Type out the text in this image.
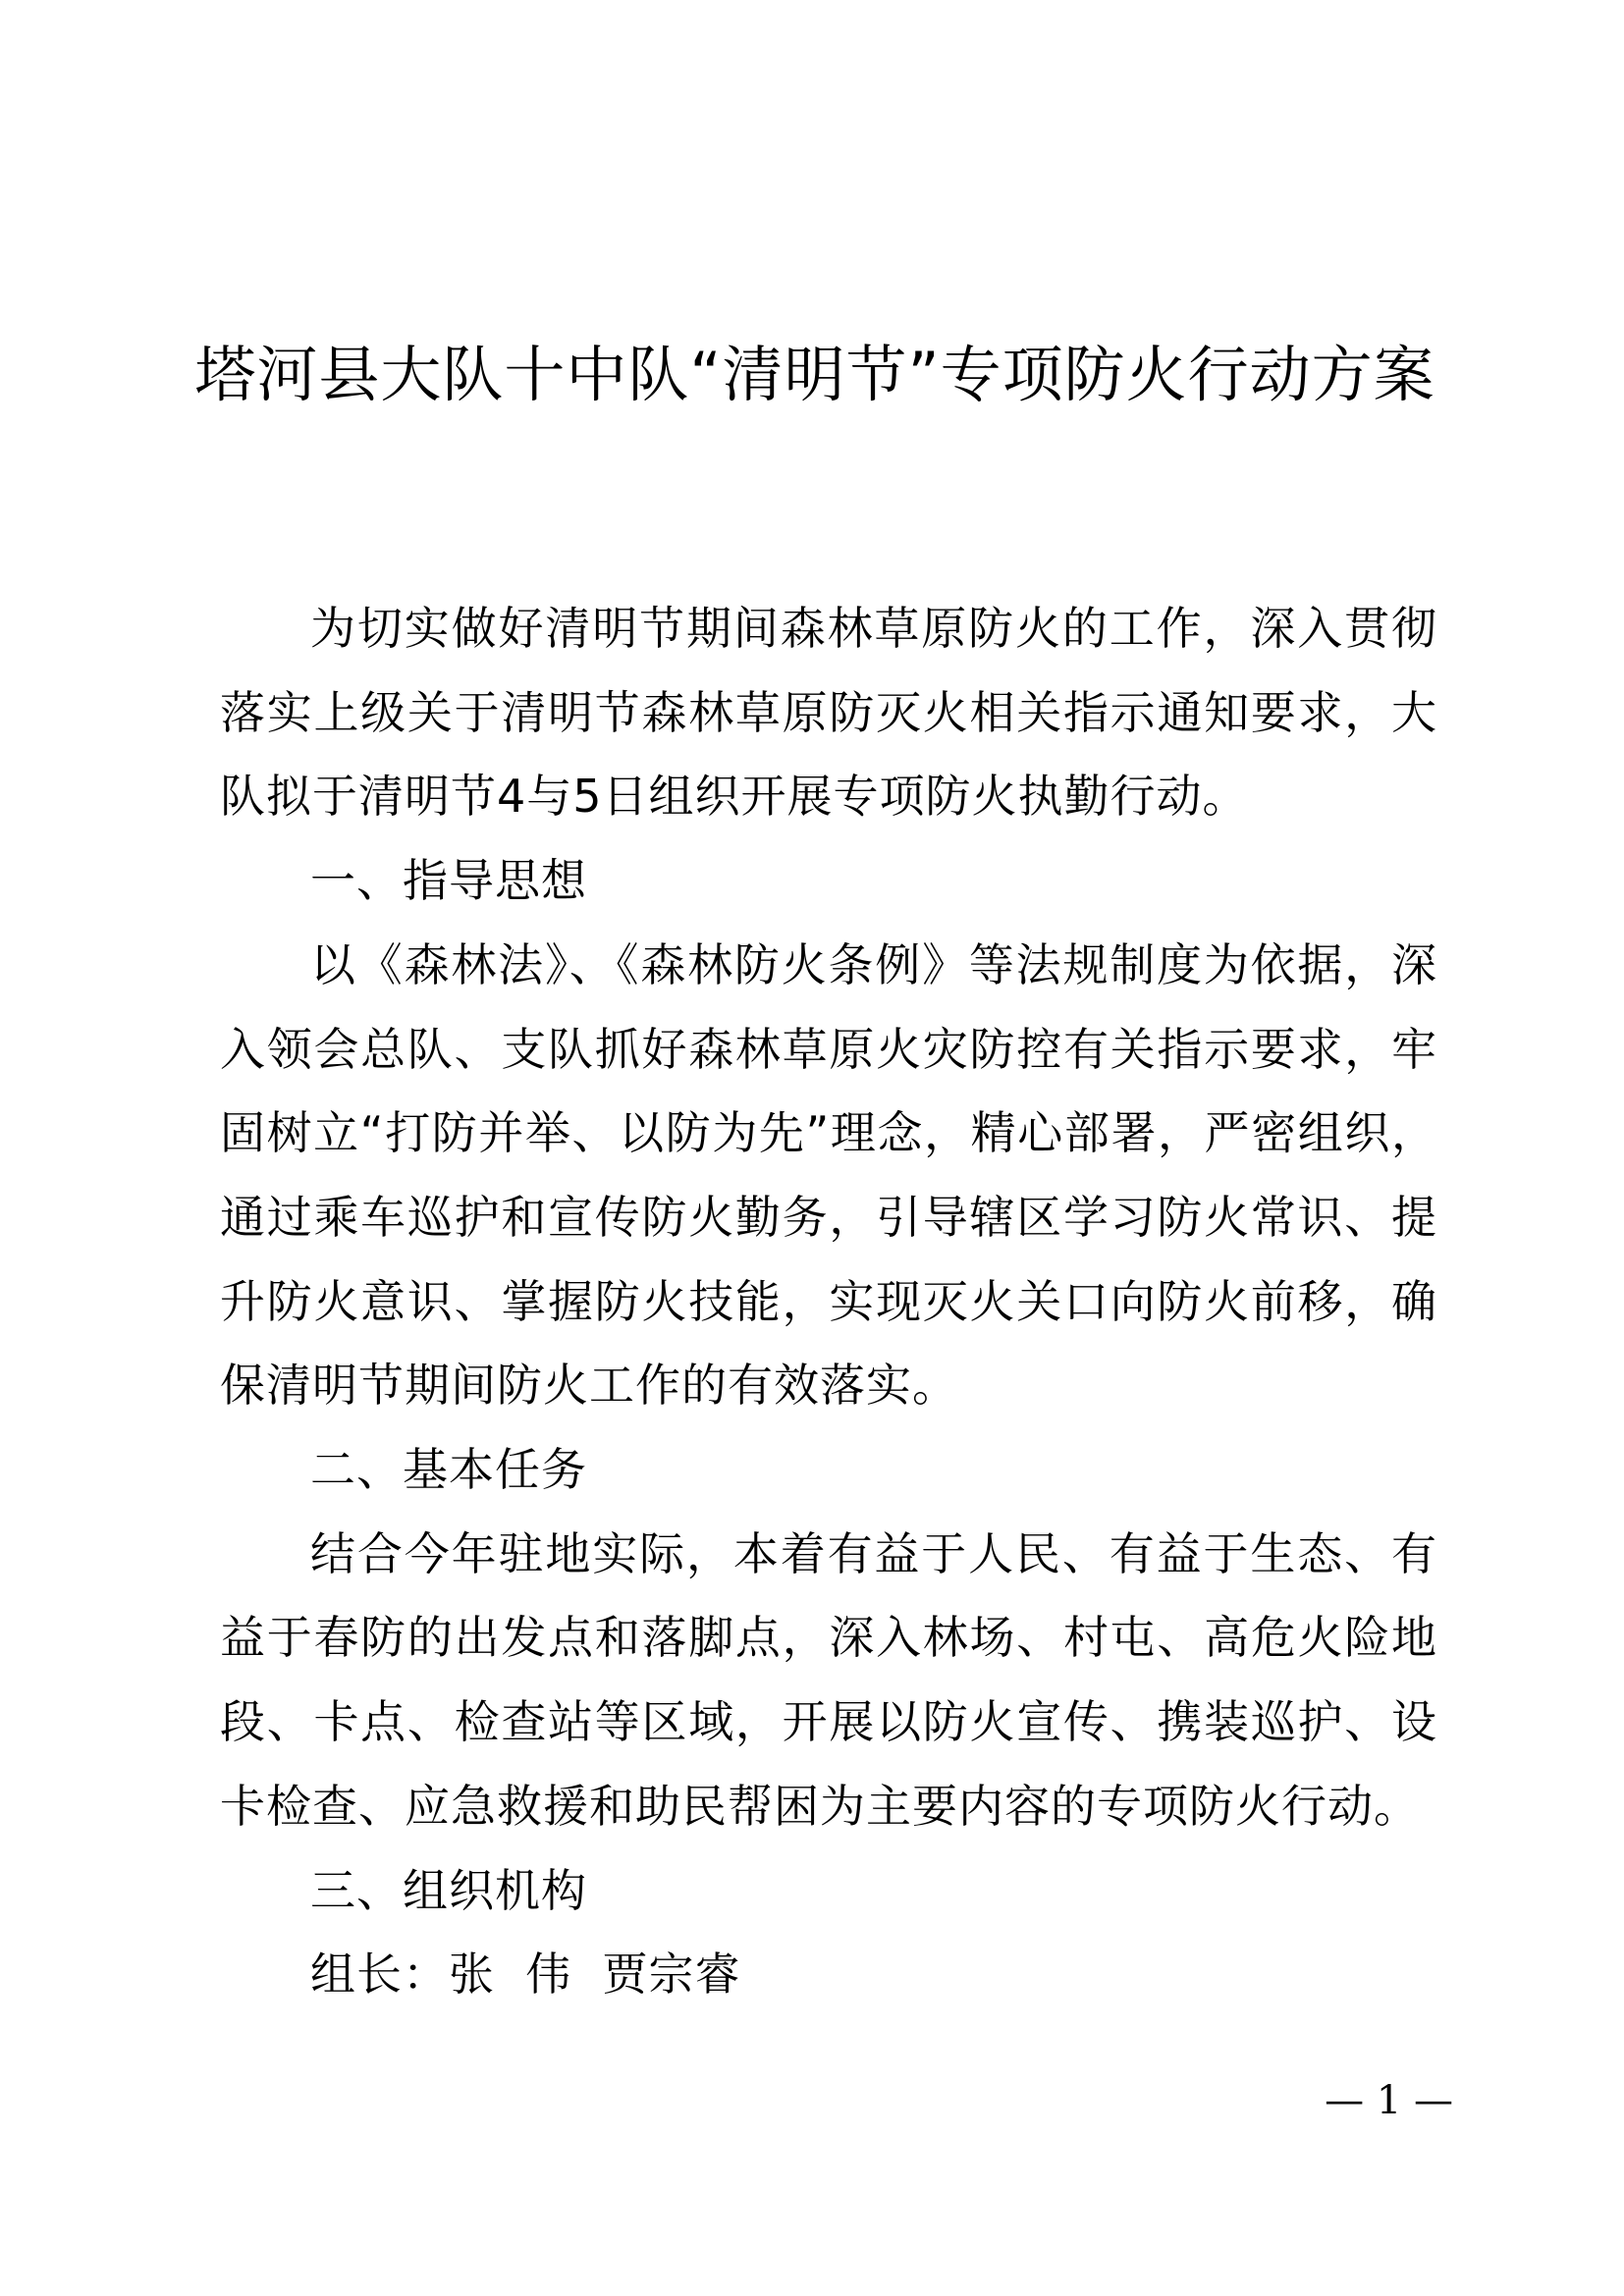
塔河县大队十中队“清明节”专项防火行动方案

为切实做好清明节期间森林草原防火的工作，深入贯彻落实上级关于清明节森林草原防灭火相关指示通知要求，大队拟于清明节4与5日组织开展专项防火执勤行动。

一、指导思想

以《森林法》、《森林防火条例》等法规制度为依据，深入领会总队、支队抓好森林草原火灾防控有关指示要求，牢固树立“打防并举、以防为先”理念，精心部署，严密组织，通过乘车巡护和宣传防火勤务，引导辖区学习防火常识、提升防火意识、掌握防火技能，实现灭火关口向防火前移，确保清明节期间防火工作的有效落实。

二、基本任务

结合今年驻地实际，本着有益于人民、有益于生态、有益于春防的出发点和落脚点，深入林场、村屯、高危火险地段、卡点、检查站等区域，开展以防火宣传、携装巡护、设卡检查、应急救援和助民帮困为主要内容的专项防火行动。

三、组织机构

组长：张  伟  贾宗睿

— 1 —
